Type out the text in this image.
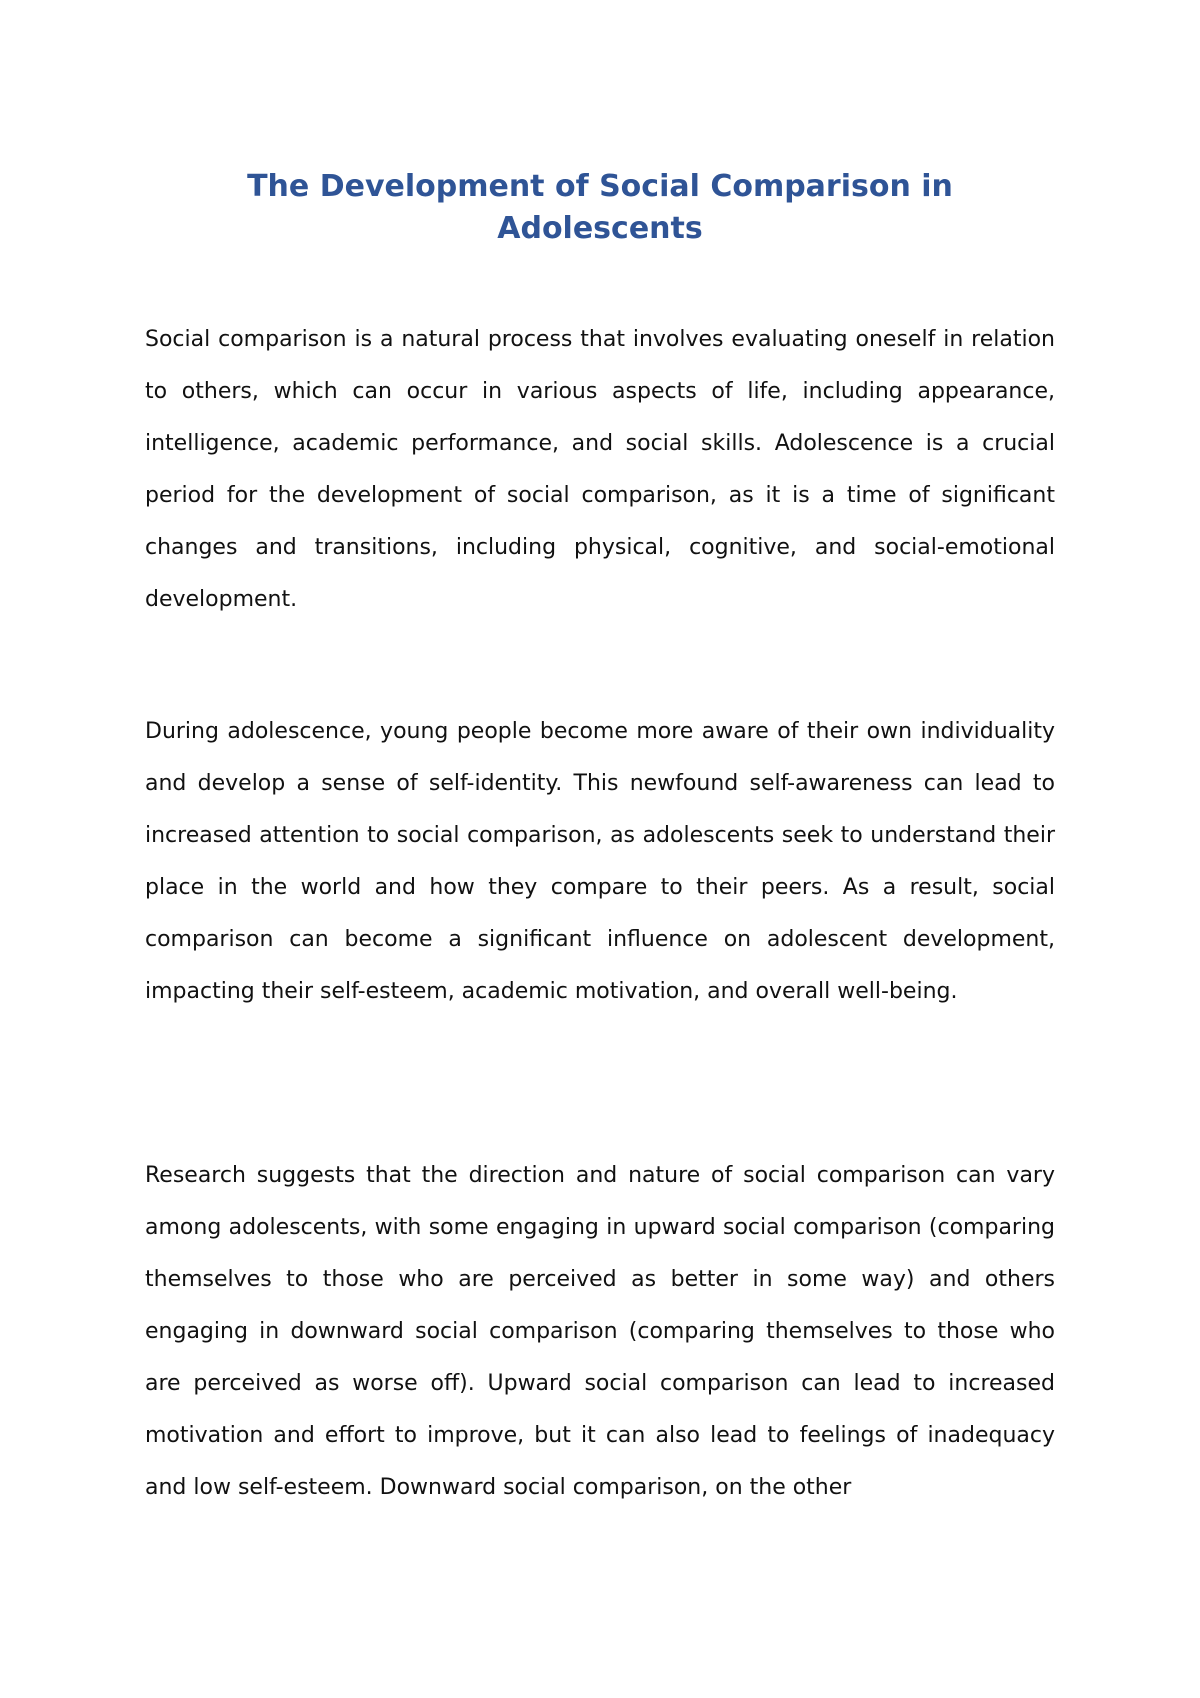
The Development of Social Comparison in Adolescents

Social comparison is a natural process that involves evaluating oneself in relation to others, which can occur in various aspects of life, including appearance, intelligence, academic performance, and social skills. Adolescence is a crucial period for the development of social comparison, as it is a time of significant changes and transitions, including physical, cognitive, and social-emotional development.

During adolescence, young people become more aware of their own individuality and develop a sense of self-identity. This newfound self-awareness can lead to increased attention to social comparison, as adolescents seek to understand their place in the world and how they compare to their peers. As a result, social comparison can become a significant influence on adolescent development, impacting their self-esteem, academic motivation, and overall well-being.

Research suggests that the direction and nature of social comparison can vary among adolescents, with some engaging in upward social comparison (comparing themselves to those who are perceived as better in some way) and others engaging in downward social comparison (comparing themselves to those who are perceived as worse off). Upward social comparison can lead to increased motivation and effort to improve, but it can also lead to feelings of inadequacy and low self-esteem. Downward social comparison, on the other
